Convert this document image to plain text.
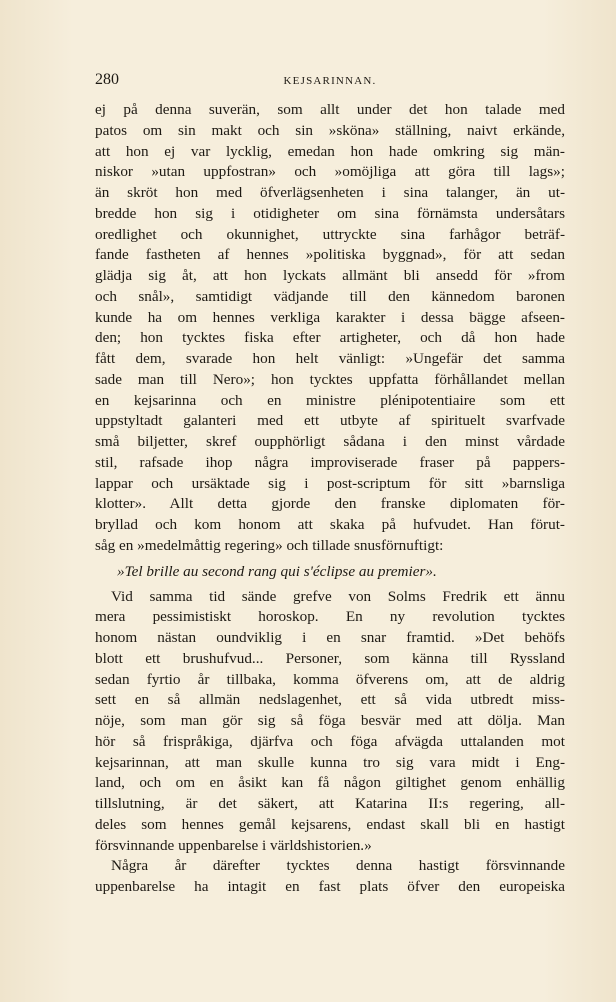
280	KEJSARINNAN.
ej på denna suverän, som allt under det hon talade med
patos om sin makt och sin »sköna» ställning, naivt erkände,
att hon ej var lycklig, emedan hon hade omkring sig män-
niskor »utan uppfostran» och »omöjliga att göra till lags»;
än skröt hon med öfverlägsenheten i sina talanger, än ut-
bredde hon sig i otidigheter om sina förnämsta undersåtars
oredlighet och okunnighet, uttryckte sina farhågor beträf-
fande fastheten af hennes »politiska byggnad», för att sedan
glädja sig åt, att hon lyckats allmänt bli ansedd för »from
och snål», samtidigt vädjande till den kännedom baronen
kunde ha om hennes verkliga karakter i dessa bägge afseen-
den; hon tycktes fiska efter artigheter, och då hon hade
fått dem, svarade hon helt vänligt: »Ungefär det samma
sade man till Nero»; hon tycktes uppfatta förhållandet mellan
en kejsarinna och en ministre plénipotentiaire som ett
uppstyltadt galanteri med ett utbyte af spirituelt svarfvade
små biljetter, skref oupphörligt sådana i den minst vårdade
stil, rafsade ihop några improviserade fraser på pappers-
lappar och ursäktade sig i post-scriptum för sitt »barnsliga
klotter». Allt detta gjorde den franske diplomaten för-
bryllad och kom honom att skaka på hufvudet. Han förut-
såg en »medelmåttig regering» och tillade snusförnuftigt:
»Tel brille au second rang qui s'éclipse au premier».
Vid samma tid sände grefve von Solms Fredrik ett ännu
mera pessimistiskt horoskop. En ny revolution tycktes
honom nästan oundviklig i en snar framtid. »Det behöfs
blott ett brushufvud... Personer, som känna till Ryssland
sedan fyrtio år tillbaka, komma öfverens om, att de aldrig
sett en så allmän nedslagenhet, ett så vida utbredt miss-
nöje, som man gör sig så föga besvär med att dölja. Man
hör så frispråkiga, djärfva och föga afvägda uttalanden mot
kejsarinnan, att man skulle kunna tro sig vara midt i Eng-
land, och om en åsikt kan få någon giltighet genom enhällig
tillslutning, är det säkert, att Katarina II:s regering, all-
deles som hennes gemål kejsarens, endast skall bli en hastigt
försvinnande uppenbarelse i världshistorien.»
Några år därefter tycktes denna hastigt försvinnande
uppenbarelse ha intagit en fast plats öfver den europeiska
